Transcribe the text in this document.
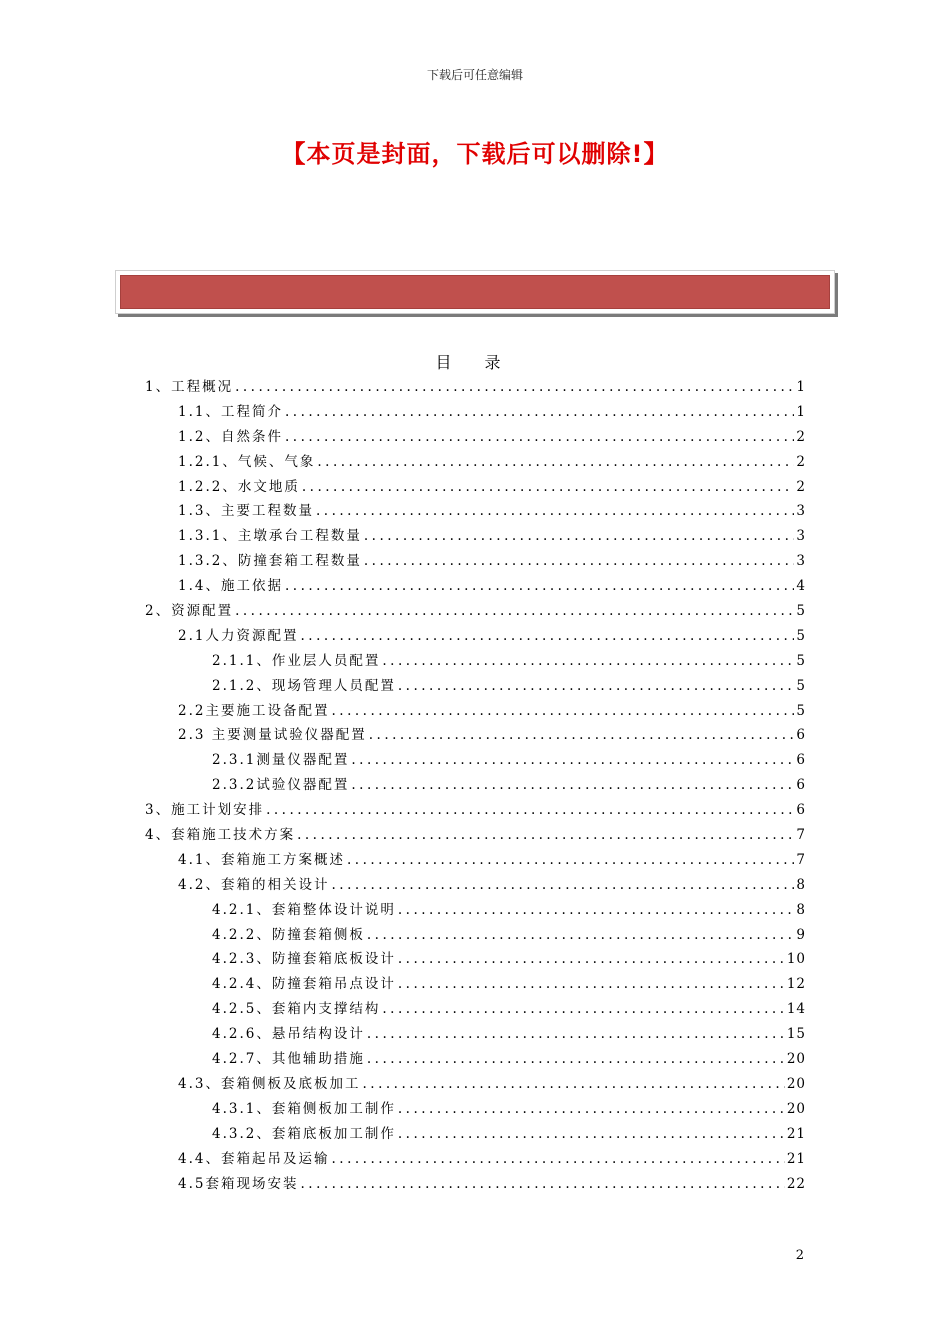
下载后可任意编辑
【本页是封面，下载后可以删除!】
目 录
1、工程概况 .....	1
1.1、工程简介 .....	1
1.2、自然条件 .....	2
1.2.1、气候、气象 .....	2
1.2.2、水文地质 .....	2
1.3、主要工程数量 .....	3
1.3.1、主墩承台工程数量 .....	3
1.3.2、防撞套箱工程数量 .....	3
1.4、施工依据 .....	4
2、资源配置 .....	5
2.1人力资源配置 .....	5
2.1.1、作业层人员配置 .....	5
2.1.2、现场管理人员配置 .....	5
2.2主要施工设备配置 .....	5
2.3 主要测量试验仪器配置 .....	6
2.3.1测量仪器配置 .....	6
2.3.2试验仪器配置 .....	6
3、施工计划安排 .....	6
4、套箱施工技术方案 .....	7
4.1、套箱施工方案概述 .....	7
4.2、套箱的相关设计 .....	8
4.2.1、套箱整体设计说明 .....	8
4.2.2、防撞套箱侧板 .....	9
4.2.3、防撞套箱底板设计 .....	10
4.2.4、防撞套箱吊点设计 .....	12
4.2.5、套箱内支撑结构 .....	14
4.2.6、悬吊结构设计 .....	15
4.2.7、其他辅助措施 .....	20
4.3、套箱侧板及底板加工 .....	20
4.3.1、套箱侧板加工制作 .....	20
4.3.2、套箱底板加工制作 .....	21
4.4、套箱起吊及运输 .....	21
4.5套箱现场安装 .....	22
2
